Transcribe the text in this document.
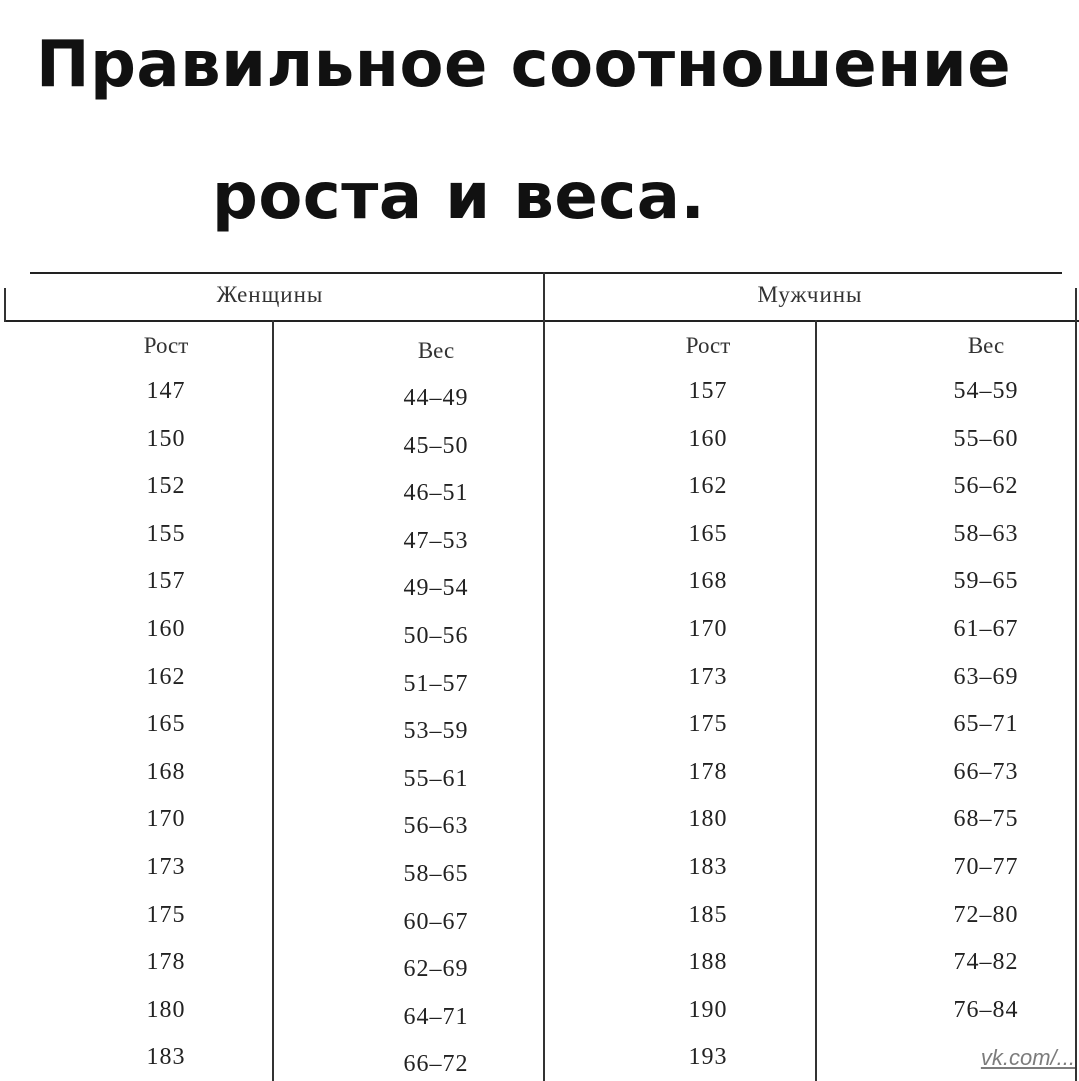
Правильное соотношение
роста и веса.
Женщины	Мужчины
Рост	Вес	Рост	Вес
147	44–49	157	54–59
150	45–50	160	55–60
152	46–51	162	56–62
155	47–53	165	58–63
157	49–54	168	59–65
160	50–56	170	61–67
162	51–57	173	63–69
165	53–59	175	65–71
168	55–61	178	66–73
170	56–63	180	68–75
173	58–65	183	70–77
175	60–67	185	72–80
178	62–69	188	74–82
180	64–71	190	76–84
183	66–72	193	vk.com/...
